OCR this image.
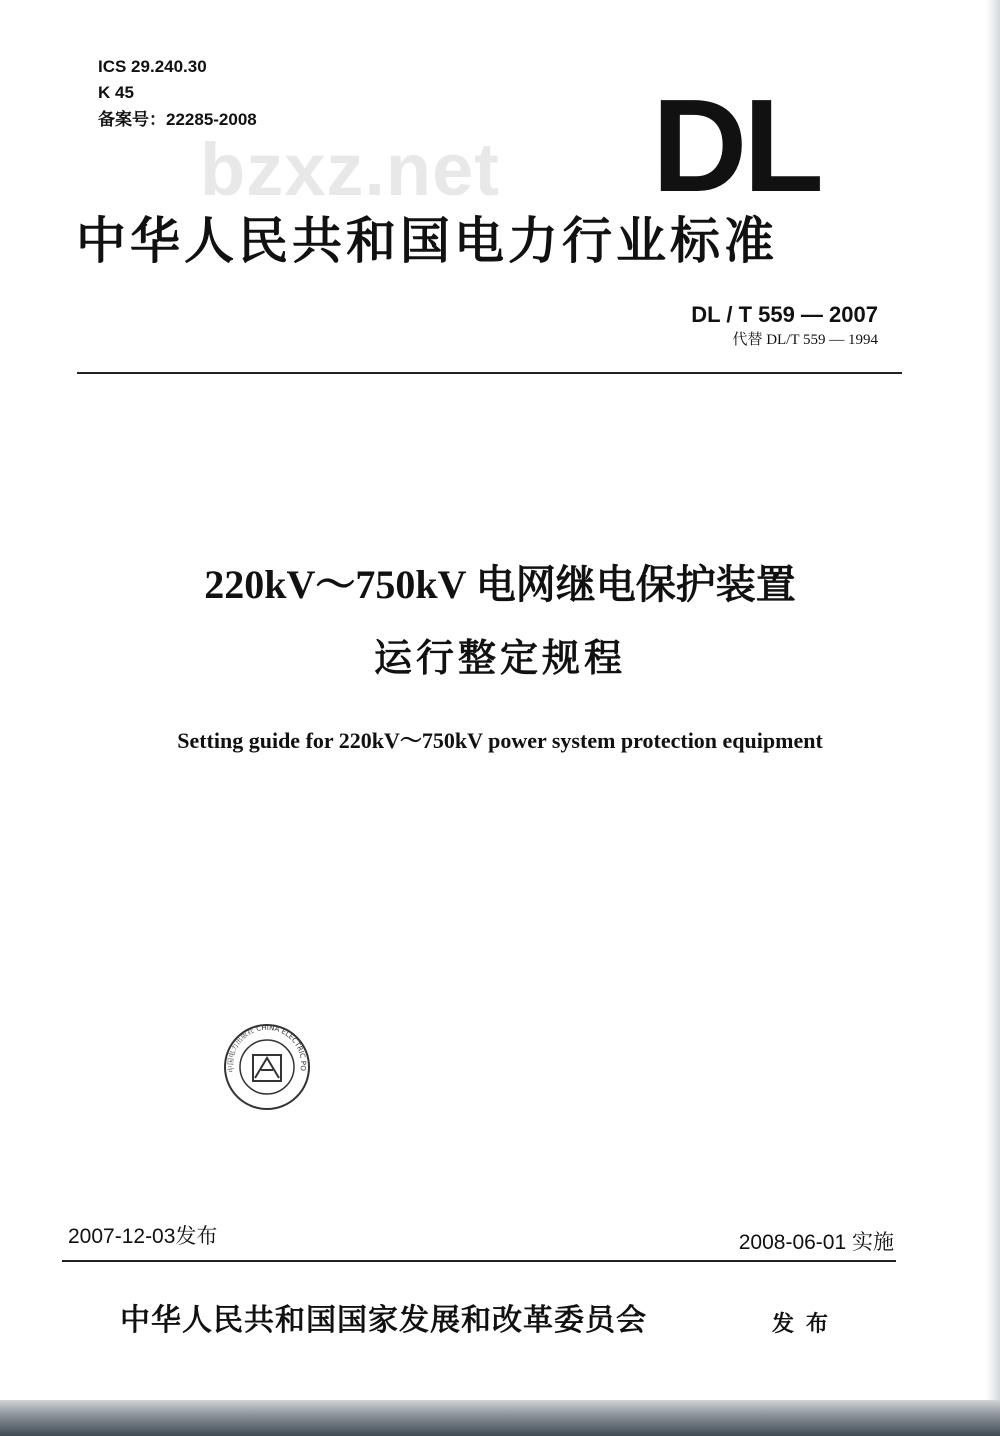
ICS 29.240.30
K 45
备案号：22285-2008
bzxz.net DL
中华人民共和国电力行业标准
DL / T 559 — 2007
代替 DL/T 559 — 1994
220kV～750kV 电网继电保护装置
运行整定规程
Setting guide for 220kV～750kV power system protection equipment
中国电力出版社 CHINA ELECTRIC PO
2007-12-03发布	2008-06-01 实施
中华人民共和国国家发展和改革委员会	发布
